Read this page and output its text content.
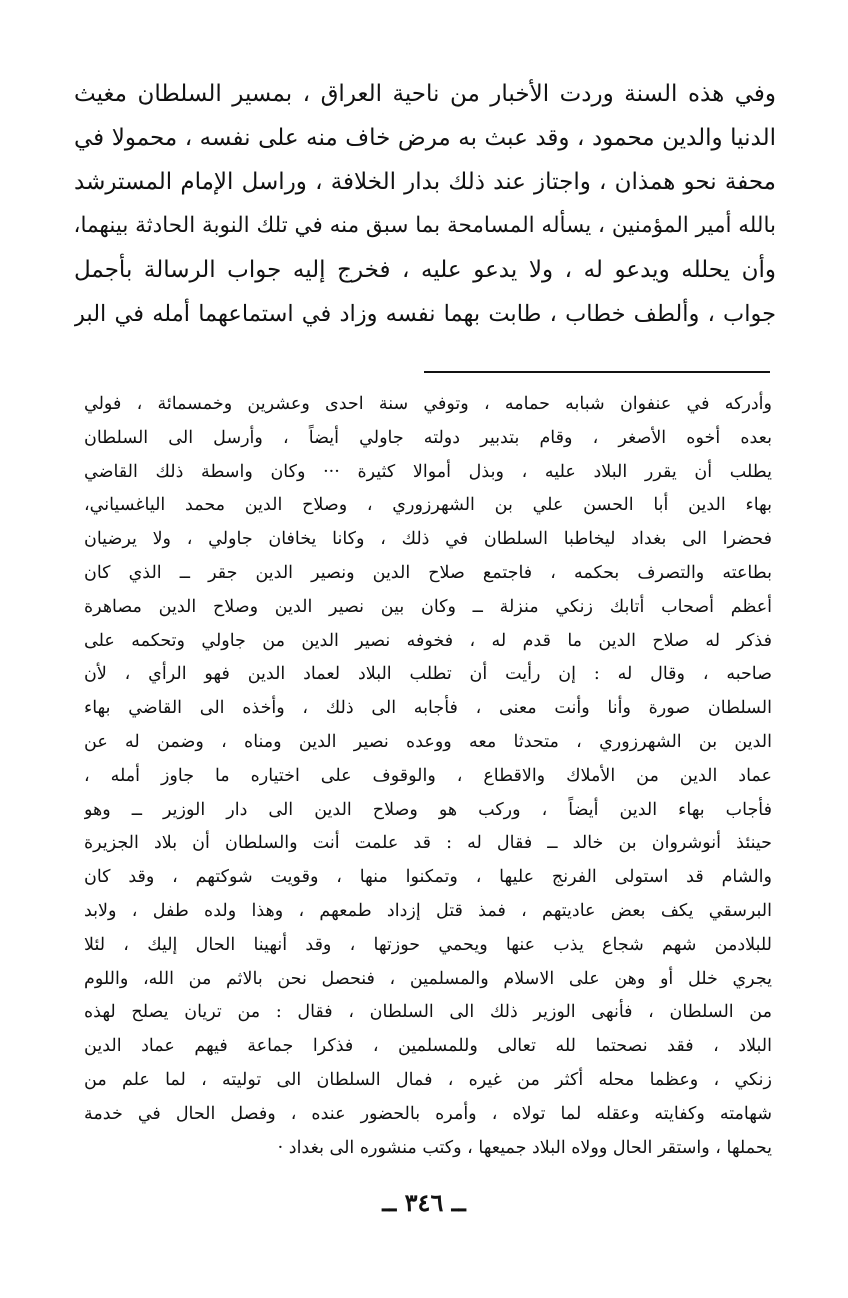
وفي هذه السنة وردت الأخبار من ناحية العراق ، بمسير السلطان مغيث
الدنيا والدين محمود ، وقد عبث به مرض خاف منه على نفسه ، محمولا في
محفة نحو همذان ، واجتاز عند ذلك بدار الخلافة ، وراسل الإمام المسترشد
بالله أمير المؤمنين ، يسأله المسامحة بما سبق منه في تلك النوبة الحادثة بينهما،
وأن يحلله ويدعو له ، ولا يدعو عليه ، فخرج إليه جواب الرسالة بأجمل
جواب ، وألطف خطاب ، طابت بهما نفسه وزاد في استماعهما أمله في البر
وأدركه في عنفوان شبابه حمامه ، وتوفي سنة احدى وعشرين وخمسمائة ، فولي
بعده أخوه الأصغر ، وقام بتدبير دولته جاولي أيضاً ، وأرسل الى السلطان
يطلب أن يقرر البلاد عليه ، وبذل أموالا كثيرة ··· وكان واسطة ذلك القاضي
بهاء الدين أبا الحسن علي بن الشهرزوري ، وصلاح الدين محمد الياغسياني،
فحضرا الى بغداد ليخاطبا السلطان في ذلك ، وكانا يخافان جاولي ، ولا يرضيان
بطاعته والتصرف بحكمه ، فاجتمع صلاح الدين ونصير الدين جقر ــ الذي كان
أعظم أصحاب أتابك زنكي منزلة ــ وكان بين نصير الدين وصلاح الدين مصاهرة
فذكر له صلاح الدين ما قدم له ، فخوفه نصير الدين من جاولي وتحكمه على
صاحبه ، وقال له : إن رأيت أن تطلب البلاد لعماد الدين فهو الرأي ، لأن
السلطان صورة وأنا وأنت معنى ، فأجابه الى ذلك ، وأخذه الى القاضي بهاء
الدين بن الشهرزوري ، متحدثا معه ووعده نصير الدين ومناه ، وضمن له عن
عماد الدين من الأملاك والاقطاع ، والوقوف على اختياره ما جاوز أمله ،
فأجاب بهاء الدين أيضاً ، وركب هو وصلاح الدين الى دار الوزير ــ وهو
حينئذ أنوشروان بن خالد ــ فقال له : قد علمت أنت والسلطان أن بلاد الجزيرة
والشام قد استولى الفرنج عليها ، وتمكنوا منها ، وقويت شوكتهم ، وقد كان
البرسقي يكف بعض عاديتهم ، فمذ قتل إزداد طمعهم ، وهذا ولده طفل ، ولابد
للبلادمن شهم شجاع يذب عنها ويحمي حوزتها ، وقد أنهينا الحال إليك ، لئلا
يجري خلل أو وهن على الاسلام والمسلمين ، فنحصل نحن بالاثم من الله، واللوم
من السلطان ، فأنهى الوزير ذلك الى السلطان ، فقال : من تريان يصلح لهذه
البلاد ، فقد نصحتما لله تعالى وللمسلمين ، فذكرا جماعة فيهم عماد الدين
زنكي ، وعظما محله أكثر من غيره ، فمال السلطان الى توليته ، لما علم من
شهامته وكفايته وعقله لما تولاه ، وأمره بالحضور عنده ، وفصل الحال في خدمة
يحملها ، واستقر الحال وولاه البلاد جميعها ، وكتب منشوره الى بغداد ·
ــ ٣٤٦ ــ
